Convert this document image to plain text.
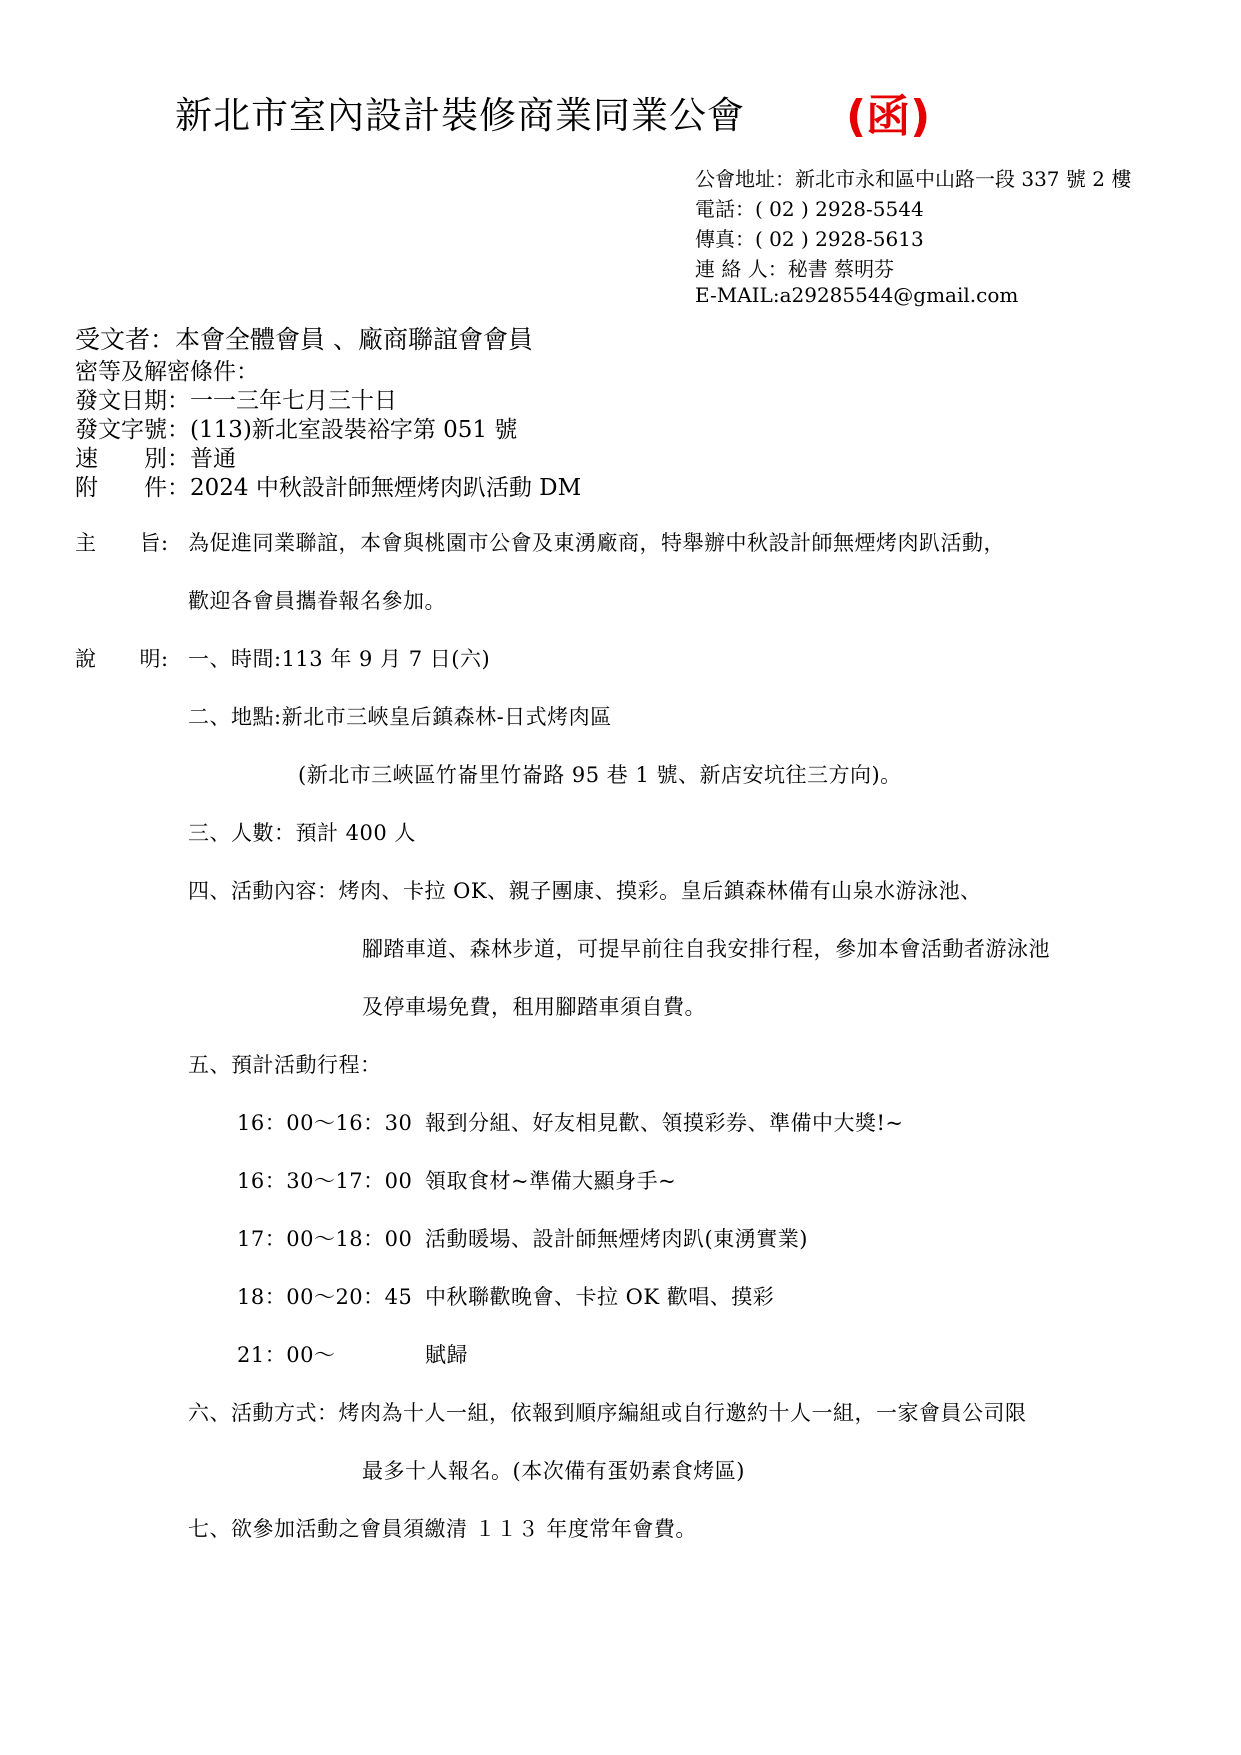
新北市室內設計裝修商業同業公會 (函)
公會地址：新北市永和區中山路一段 337 號 2 樓
電話：( 02 ) 2928-5544
傳真：( 02 ) 2928-5613
連 絡 人：秘書 蔡明芬
E-MAIL:a29285544@gmail.com
受文者：本會全體會員 、廠商聯誼會會員
密等及解密條件：
發文日期：一一三年七月三十日
發文字號：(113)新北室設裝裕字第 051 號
速　　別：普通
附　　件：2024 中秋設計師無煙烤肉趴活動 DM
主　　旨: 為促進同業聯誼，本會與桃園市公會及東湧廠商，特舉辦中秋設計師無煙烤肉趴活動，
歡迎各會員攜眷報名參加。
說　　明: 一、時間:113 年 9 月 7 日(六)
二、地點:新北市三峽皇后鎮森林-日式烤肉區
(新北市三峽區竹崙里竹崙路 95 巷 1 號、新店安坑往三方向)。
三、人數：預計 400 人
四、活動內容：烤肉、卡拉 OK、親子團康、摸彩。皇后鎮森林備有山泉水游泳池、
腳踏車道、森林步道，可提早前往自我安排行程，參加本會活動者游泳池
及停車場免費，租用腳踏車須自費。
五、預計活動行程：
16：00～16：30 報到分組、好友相見歡、領摸彩券、準備中大獎!~
16：30～17：00 領取食材~準備大顯身手~
17：00～18：00 活動暖場、設計師無煙烤肉趴(東湧實業)
18：00～20：45 中秋聯歡晚會、卡拉 OK 歡唱、摸彩
21：00～	賦歸
六、活動方式：烤肉為十人一組，依報到順序編組或自行邀約十人一組，一家會員公司限
最多十人報名。(本次備有蛋奶素食烤區)
七、欲參加活動之會員須繳清 １１３ 年度常年會費。
